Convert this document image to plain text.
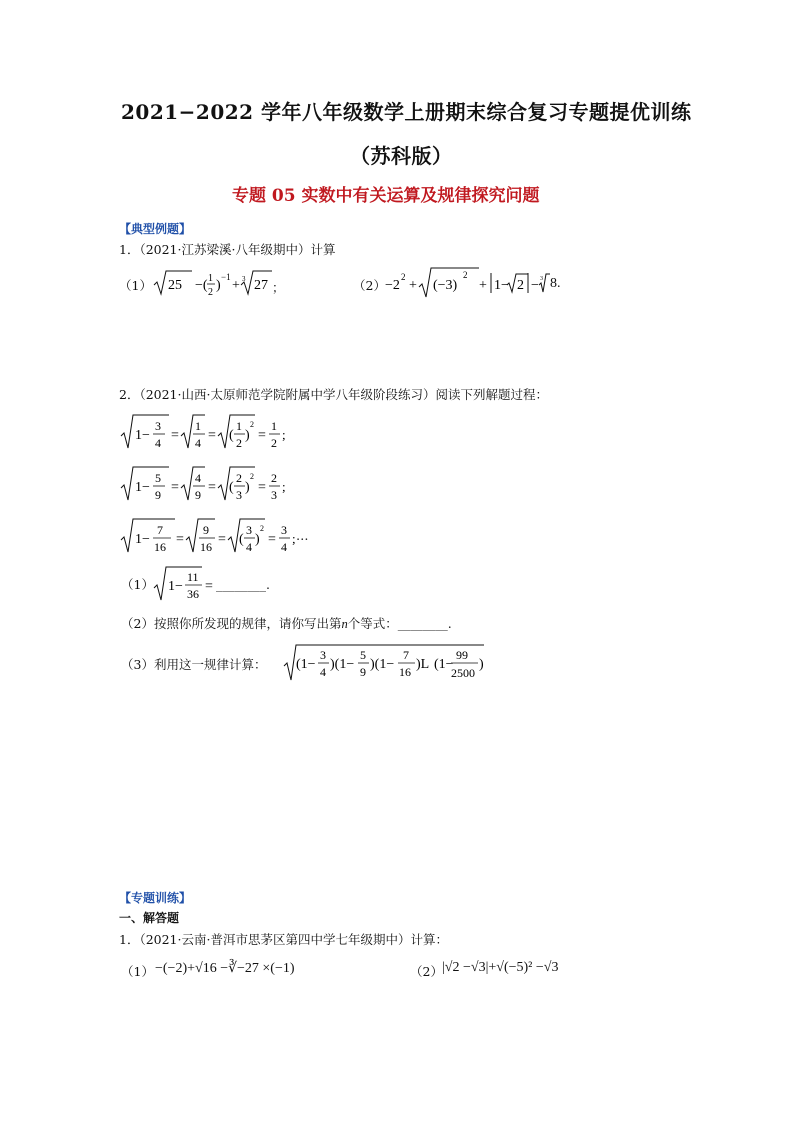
2021−2022 学年八年级数学上册期末综合复习专题提优训练
（苏科版）
专题 05 实数中有关运算及规律探究问题
【典型例题】
1．（2021·江苏梁溪·八年级期中）计算
（1） 25 −( 1
2 )
−1
+ 3 27 ；	（2） −2
2
+ (−3)
2
+ 1− 2 − 3 8.
2．（2021·山西·太原师范学院附属中学八年级阶段练习）阅读下列解题过程：
1−
3
4 =
1
4 = (
1
2 )
2
=
1
2
;
1−
5
9 =
4
9 = (
2
3 )
2
=
2
3
;
1−
7
16 =
9
16 = (
3
4 )
2
=
3
4
; …
（1） 1−
11
36 = ________.
（2）按照你所发现的规律，请你写出第n个等式：________.
（3）利用这一规律计算： (1−
3
4 )(1−
5
9 )(1−
7
16 )L (1−
99
2500
)
【专题训练】
一、解答题
1．（2021·云南·普洱市思茅区第四中学七年级期中）计算：
（1） −(−2)+√16 −∛−27 ×(−1)	（2） |√2 −√3|+√(−5)² −√3
